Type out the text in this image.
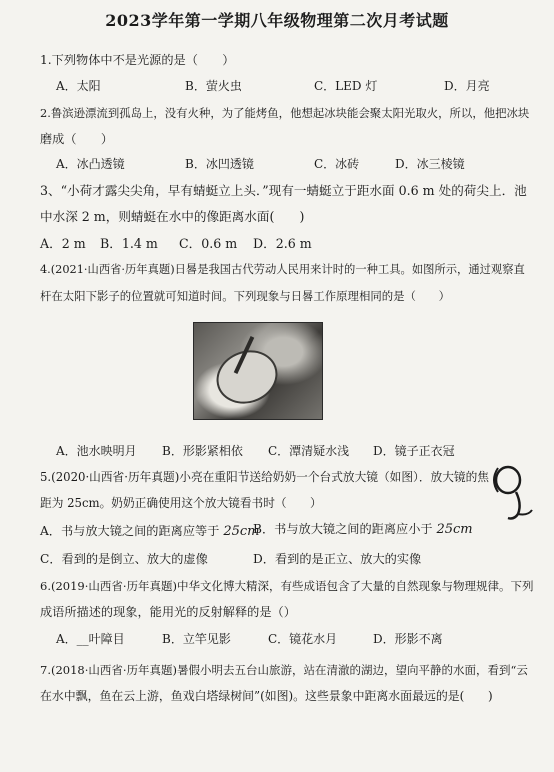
2023学年第一学期八年级物理第二次月考试题
1.下列物体中不是光源的是（　　）
A．太阳	B．萤火虫	C．LED 灯	D．月亮
2.鲁滨逊漂流到孤岛上，没有火种，为了能烤鱼，他想起冰块能会聚太阳光取火，所以，他把冰块
磨成（　　）
A．冰凸透镜	B．冰凹透镜	C．冰砖	D．冰三棱镜
3、“小荷才露尖尖角，早有蜻蜓立上头．”现有一蜻蜓立于距水面 0.6 m 处的荷尖上．池
中水深 2 m，则蜻蜓在水中的像距离水面(　　)
A．2 m B．1.4 m C．0.6 m D．2.6 m
4.(2021·山西省·历年真题)日晷是我国古代劳动人民用来计时的一种工具。如图所示，通过观察直
杆在太阳下影子的位置就可知道时间。下列现象与日晷工作原理相同的是（　　）
A．池水映明月 B．形影紧相依 C．潭清疑水浅 D．镜子正衣冠
5.(2020·山西省·历年真题)小亮在重阳节送给奶奶一个台式放大镜（如图）．放大镜的焦
距为 25cm。奶奶正确使用这个放大镜看书时（　　）
A．书与放大镜之间的距离应等于 25cm
B．书与放大镜之间的距离应小于 25cm
C．看到的是倒立、放大的虚像	D．看到的是正立、放大的实像
6.(2019·山西省·历年真题)中华文化博大精深，有些成语包含了大量的自然现象与物理规律。下列
成语所描述的现象，能用光的反射解释的是（）
A．__叶障目	B．立竿见影	C．镜花水月	D．形影不离
7.(2018·山西省·历年真题)暑假小明去五台山旅游，站在清澈的湖边，望向平静的水面，看到“云
在水中飘，鱼在云上游，鱼戏白塔绿树间”(如图)。这些景象中距离水面最远的是(　　)
